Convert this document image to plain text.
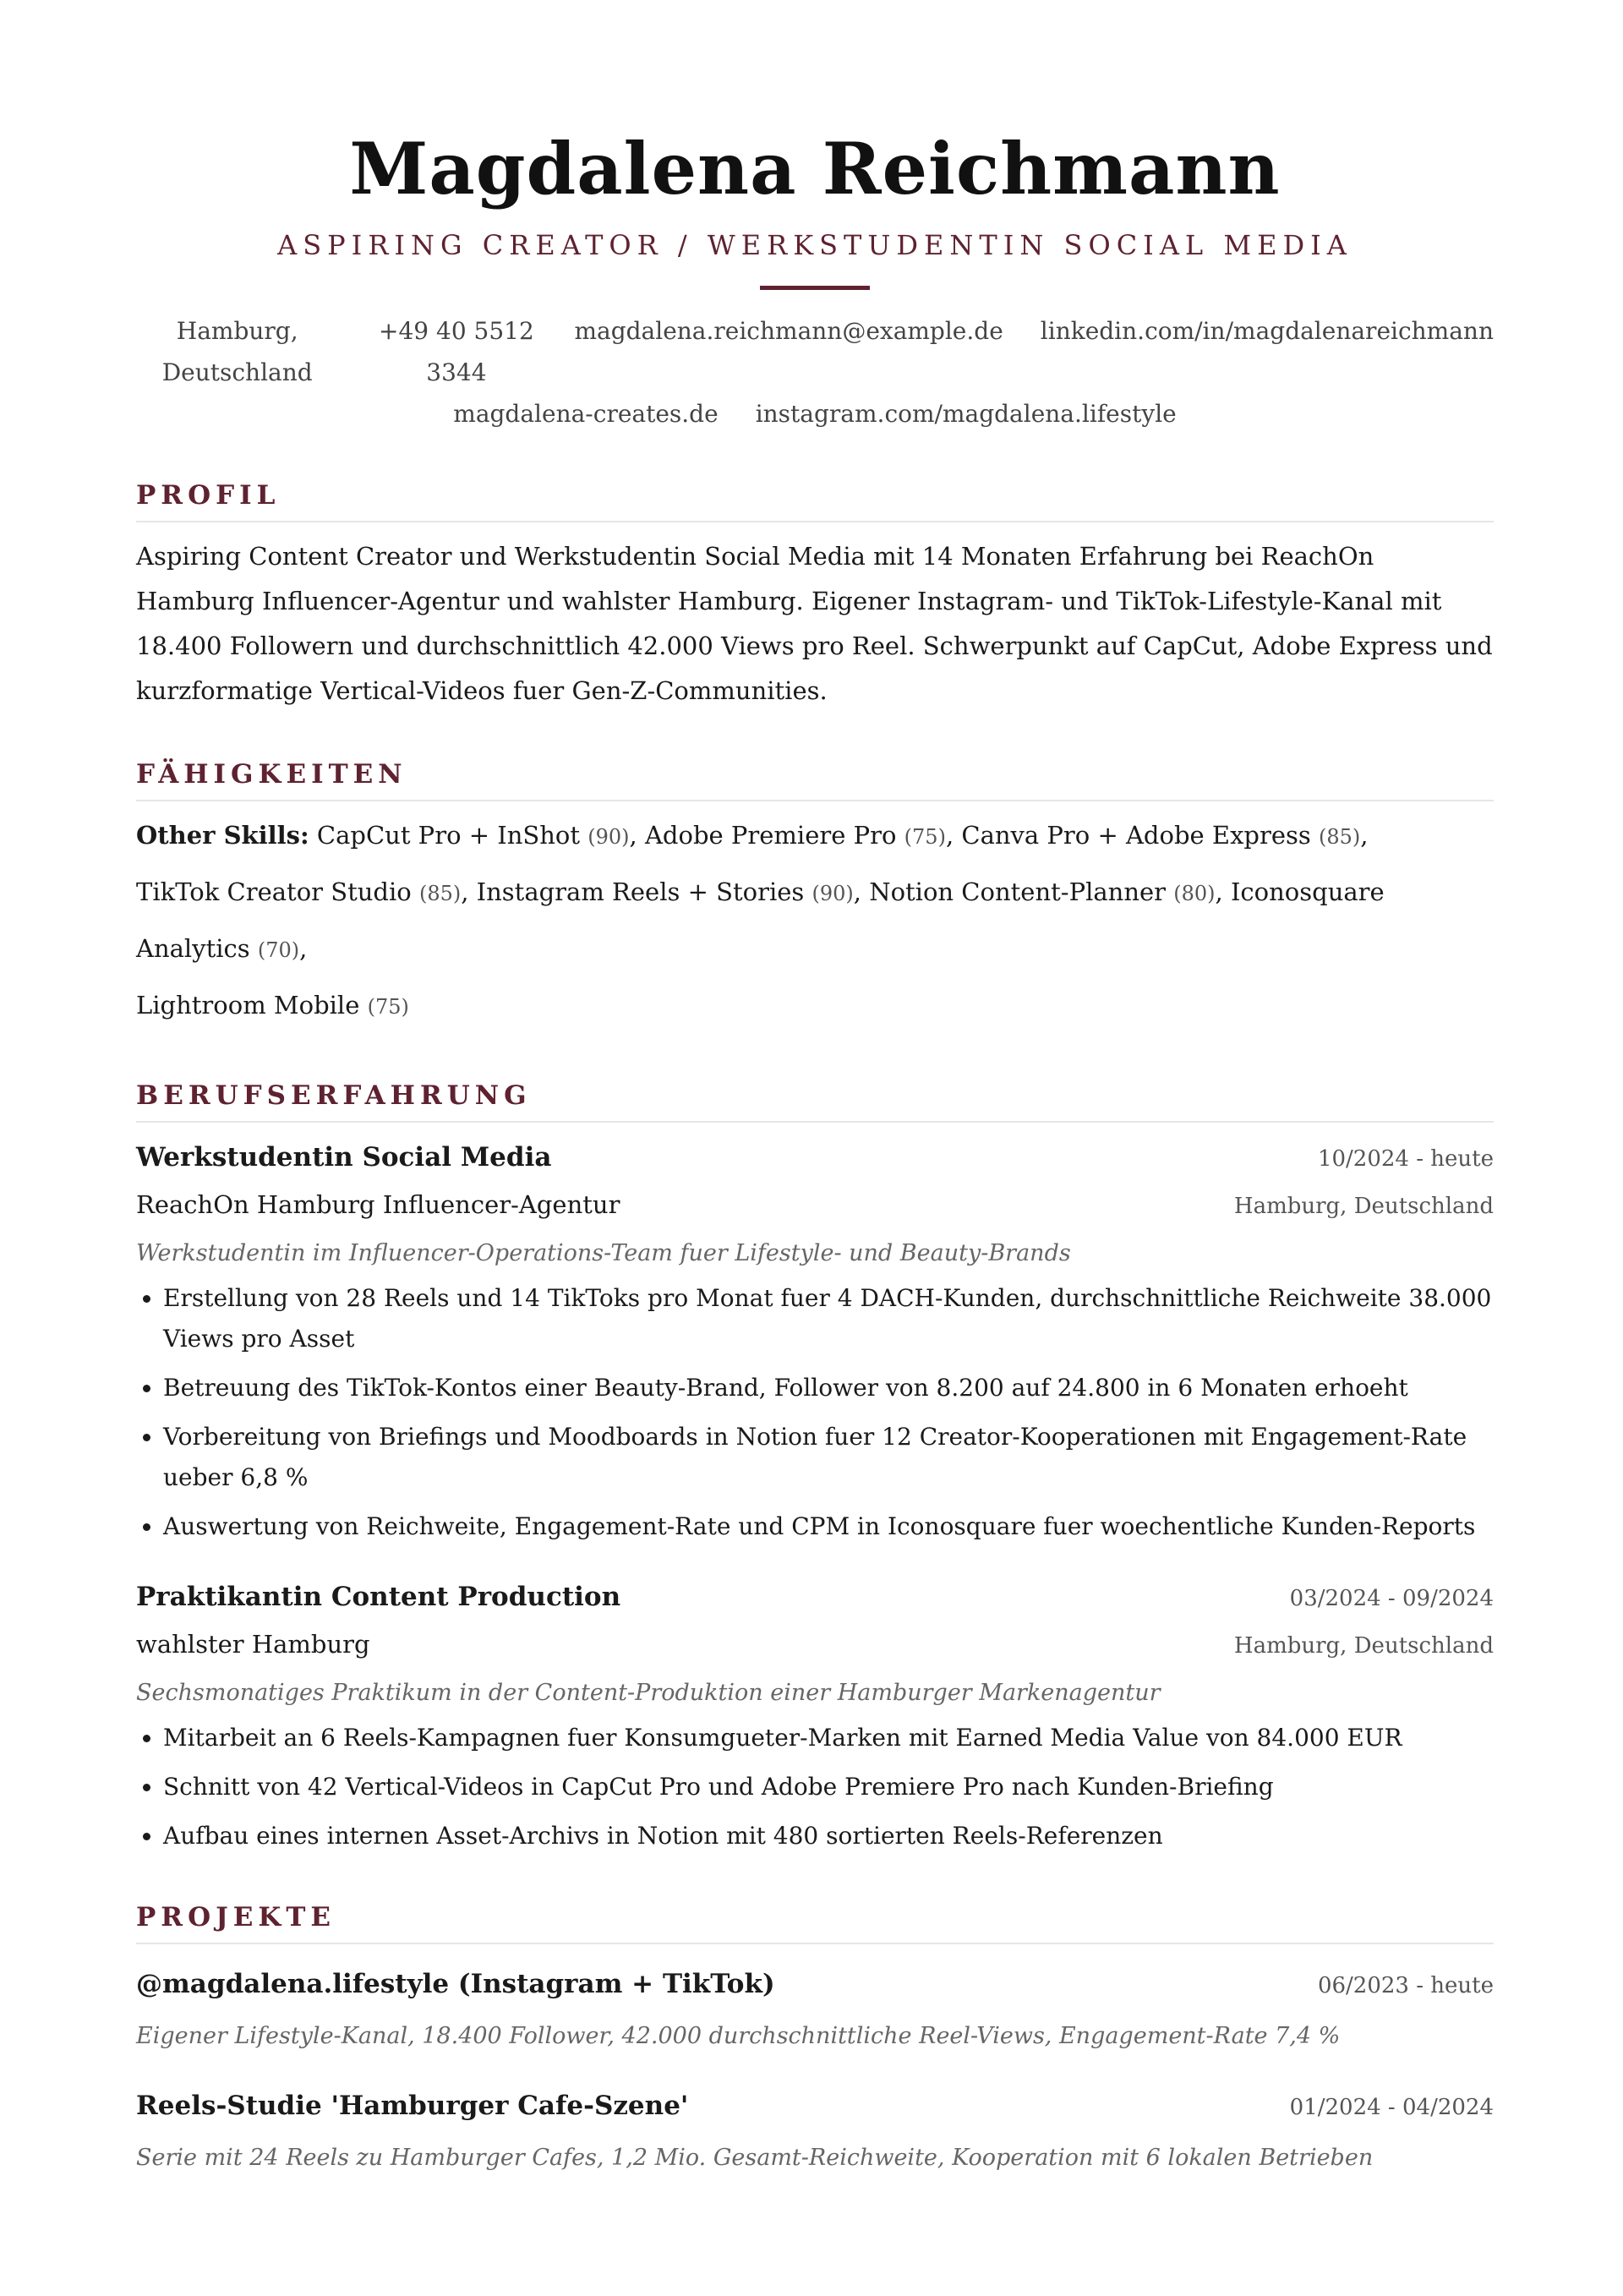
Magdalena Reichmann
ASPIRING CREATOR / WERKSTUDENTIN SOCIAL MEDIA
Hamburg, Deutschland
+49 40 5512 3344
magdalena.reichmann@example.de linkedin.com/in/magdalenareichmann
magdalena-creates.de instagram.com/magdalena.lifestyle
PROFIL
Aspiring Content Creator und Werkstudentin Social Media mit 14 Monaten Erfahrung bei ReachOn Hamburg Influencer-Agentur und wahlster Hamburg. Eigener Instagram- und TikTok-Lifestyle-Kanal mit 18.400 Followern und durchschnittlich 42.000 Views pro Reel. Schwerpunkt auf CapCut, Adobe Express und kurzformatige Vertical-Videos fuer Gen-Z-Communities.
FÄHIGKEITEN
Other Skills: CapCut Pro + InShot (90), Adobe Premiere Pro (75), Canva Pro + Adobe Express (85),
TikTok Creator Studio (85), Instagram Reels + Stories (90), Notion Content-Planner (80), Iconosquare Analytics (70),
Lightroom Mobile (75)
BERUFSERFAHRUNG
Werkstudentin Social Media	10/2024 - heute
ReachOn Hamburg Influencer-Agentur	Hamburg, Deutschland
Werkstudentin im Influencer-Operations-Team fuer Lifestyle- und Beauty-Brands
• Erstellung von 28 Reels und 14 TikToks pro Monat fuer 4 DACH-Kunden, durchschnittliche Reichweite 38.000 Views pro Asset
• Betreuung des TikTok-Kontos einer Beauty-Brand, Follower von 8.200 auf 24.800 in 6 Monaten erhoeht
• Vorbereitung von Briefings und Moodboards in Notion fuer 12 Creator-Kooperationen mit Engagement-Rate ueber 6,8 %
• Auswertung von Reichweite, Engagement-Rate und CPM in Iconosquare fuer woechentliche Kunden-Reports
Praktikantin Content Production	03/2024 - 09/2024
wahlster Hamburg	Hamburg, Deutschland
Sechsmonatiges Praktikum in der Content-Produktion einer Hamburger Markenagentur
• Mitarbeit an 6 Reels-Kampagnen fuer Konsumgueter-Marken mit Earned Media Value von 84.000 EUR
• Schnitt von 42 Vertical-Videos in CapCut Pro und Adobe Premiere Pro nach Kunden-Briefing
• Aufbau eines internen Asset-Archivs in Notion mit 480 sortierten Reels-Referenzen
PROJEKTE
@magdalena.lifestyle (Instagram + TikTok)	06/2023 - heute
Eigener Lifestyle-Kanal, 18.400 Follower, 42.000 durchschnittliche Reel-Views, Engagement-Rate 7,4 %
Reels-Studie 'Hamburger Cafe-Szene'	01/2024 - 04/2024
Serie mit 24 Reels zu Hamburger Cafes, 1,2 Mio. Gesamt-Reichweite, Kooperation mit 6 lokalen Betrieben
